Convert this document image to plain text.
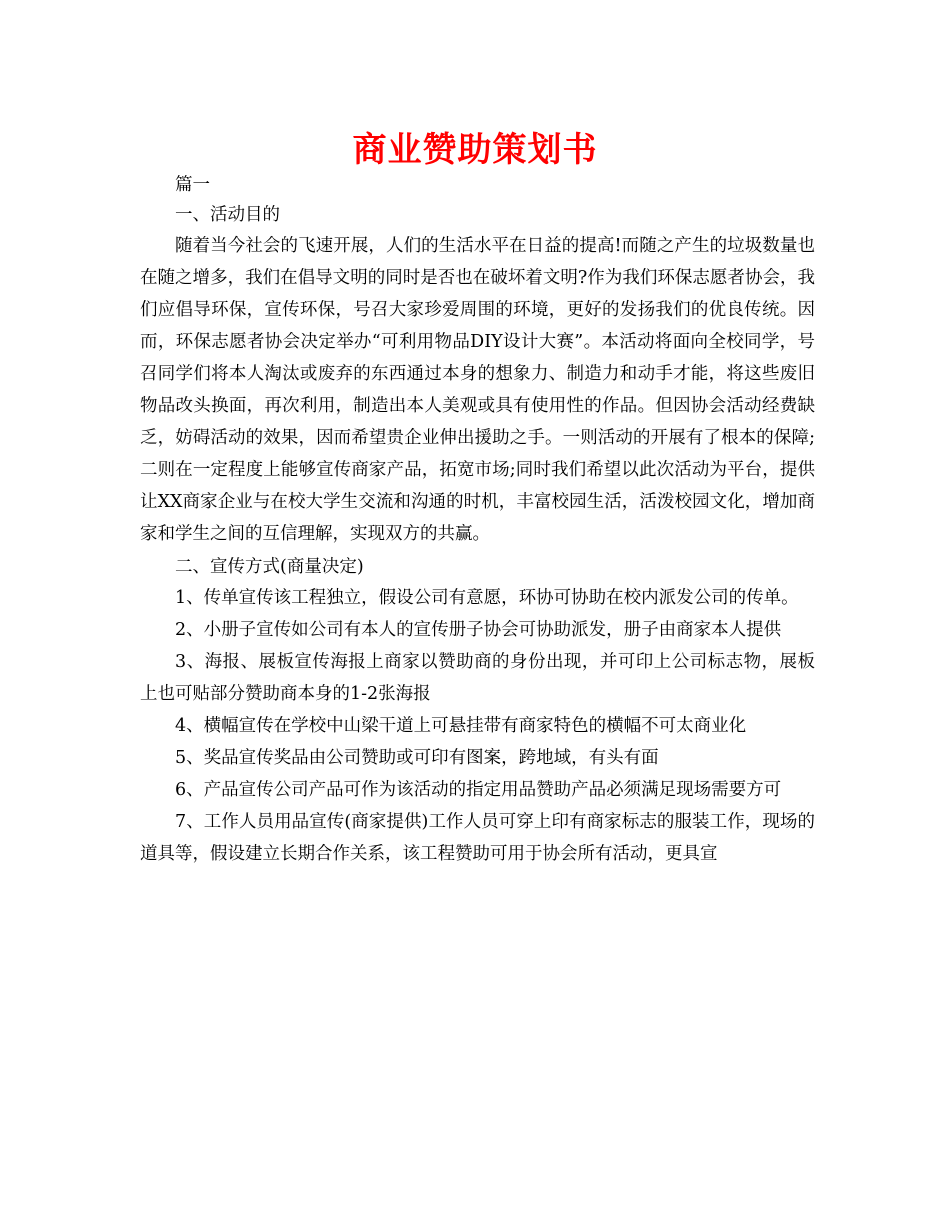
商业赞助策划书

篇一

一、活动目的

随着当今社会的飞速开展，人们的生活水平在日益的提高!而随之产生的垃圾数量也在随之增多，我们在倡导文明的同时是否也在破坏着文明?作为我们环保志愿者协会，我们应倡导环保，宣传环保，号召大家珍爱周围的环境，更好的发扬我们的优良传统。因而，环保志愿者协会决定举办“可利用物品DIY设计大赛”。本活动将面向全校同学，号召同学们将本人淘汰或废弃的东西通过本身的想象力、制造力和动手才能，将这些废旧物品改头换面，再次利用，制造出本人美观或具有使用性的作品。但因协会活动经费缺乏，妨碍活动的效果，因而希望贵企业伸出援助之手。一则活动的开展有了根本的保障;二则在一定程度上能够宣传商家产品，拓宽市场;同时我们希望以此次活动为平台，提供让XX商家企业与在校大学生交流和沟通的时机，丰富校园生活，活泼校园文化，增加商家和学生之间的互信理解，实现双方的共赢。

二、宣传方式(商量决定)

1、传单宣传该工程独立，假设公司有意愿，环协可协助在校内派发公司的传单。

2、小册子宣传如公司有本人的宣传册子协会可协助派发，册子由商家本人提供

3、海报、展板宣传海报上商家以赞助商的身份出现，并可印上公司标志物，展板上也可贴部分赞助商本身的1-2张海报

4、横幅宣传在学校中山梁干道上可悬挂带有商家特色的横幅不可太商业化

5、奖品宣传奖品由公司赞助或可印有图案，跨地域，有头有面

6、产品宣传公司产品可作为该活动的指定用品赞助产品必须满足现场需要方可

7、工作人员用品宣传(商家提供)工作人员可穿上印有商家标志的服装工作，现场的道具等，假设建立长期合作关系，该工程赞助可用于协会所有活动，更具宣
